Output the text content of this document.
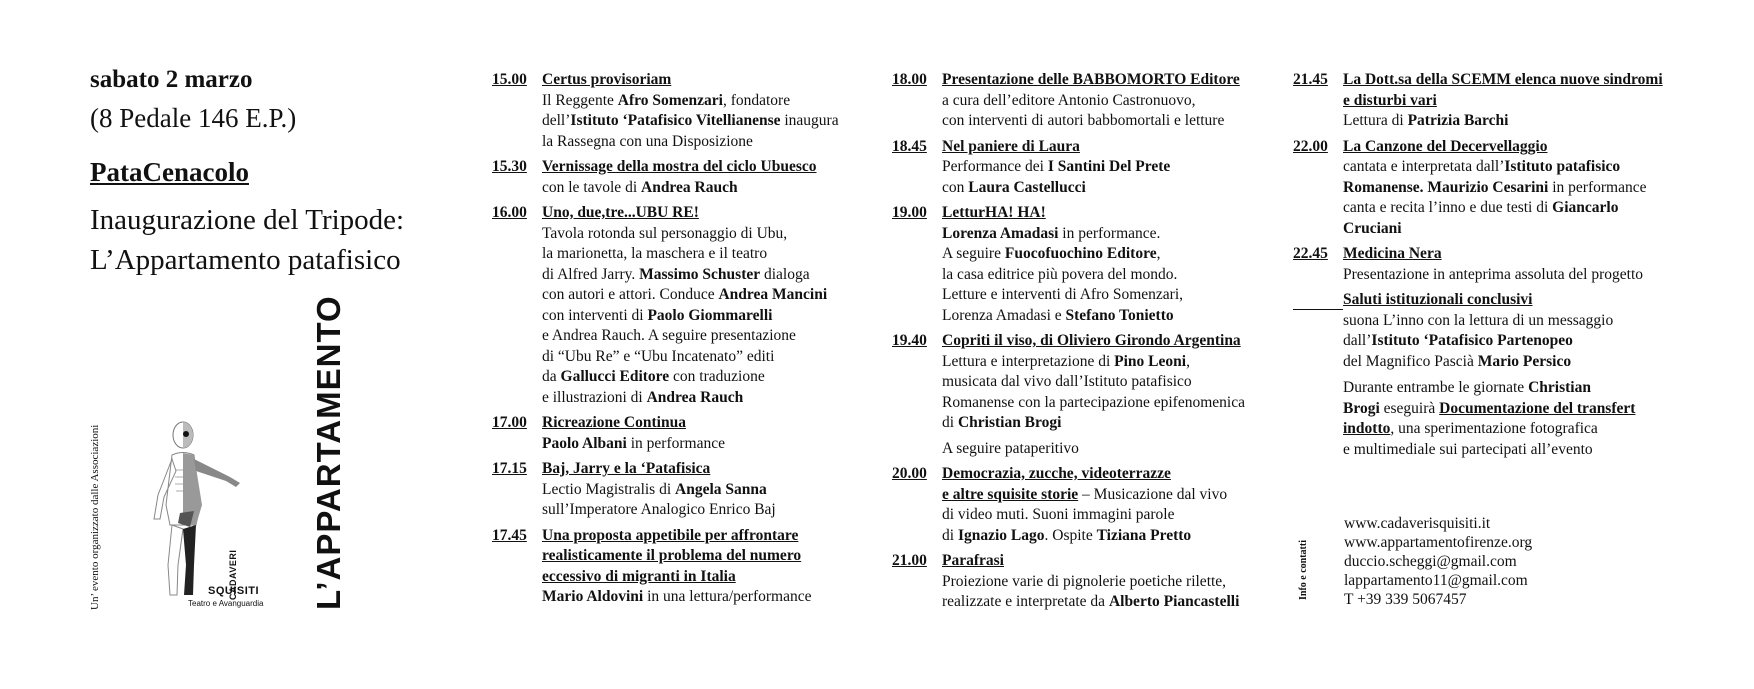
sabato 2 marzo
(8 Pedale 146 E.P.)
PataCenacolo
Inaugurazione del Tripode:
L’Appartamento patafisico
Un’ evento organizzato dalle Associazioni	CADAVERI
SQUISITI
Teatro e Avanguardia L’APPARTAMENTO
15.00 Certus provisoriam
Il Reggente Afro Somenzari, fondatore
dell’Istituto ‘Patafisico Vitellianense inaugura
la Rassegna con una Disposizione
15.30 Vernissage della mostra del ciclo Ubuesco
con le tavole di Andrea Rauch
16.00 Uno, due,tre...UBU RE!
Tavola rotonda sul personaggio di Ubu,
la marionetta, la maschera e il teatro
di Alfred Jarry. Massimo Schuster dialoga
con autori e attori. Conduce Andrea Mancini
con interventi di Paolo Giommarelli
e Andrea Rauch. A seguire presentazione
di “Ubu Re” e “Ubu Incatenato” editi
da Gallucci Editore con traduzione
e illustrazioni di Andrea Rauch
17.00 Ricreazione Continua
Paolo Albani in performance
17.15 Baj, Jarry e la ‘Patafisica
Lectio Magistralis di Angela Sanna
sull’Imperatore Analogico Enrico Baj
17.45 Una proposta appetibile per affrontare
realisticamente il problema del numero
eccessivo di migranti in Italia
Mario Aldovini in una lettura/performance
18.00 Presentazione delle BABBOMORTO Editore
a cura dell’editore Antonio Castronuovo,
con interventi di autori babbomortali e letture
18.45 Nel paniere di Laura
Performance dei I Santini Del Prete
con Laura Castellucci
19.00 LetturHA! HA!
Lorenza Amadasi in performance.
A seguire Fuocofuochino Editore,
la casa editrice più povera del mondo.
Letture e interventi di Afro Somenzari,
Lorenza Amadasi e Stefano Tonietto
19.40 Copriti il viso, di Oliviero Girondo Argentina
Lettura e interpretazione di Pino Leoni,
musicata dal vivo dall’Istituto patafisico
Romanense con la partecipazione epifenomenica
di Christian Brogi
A seguire pataperitivo
20.00 Democrazia, zucche, videoterrazze
e altre squisite storie – Musicazione dal vivo
di video muti. Suoni immagini parole
di Ignazio Lago. Ospite Tiziana Pretto
21.00 Parafrasi
Proiezione varie di pignolerie poetiche rilette,
realizzate e interpretate da Alberto Piancastelli
21.45 La Dott.sa della SCEMM elenca nuove sindromi
e disturbi vari
Lettura di Patrizia Barchi
22.00 La Canzone del Decervellaggio
cantata e interpretata dall’Istituto patafisico
Romanense. Maurizio Cesarini in performance
canta e recita l’inno e due testi di Giancarlo
Cruciani
22.45 Medicina Nera
Presentazione in anteprima assoluta del progetto
Saluti istituzionali conclusivi
suona L’inno con la lettura di un messaggio
dall’Istituto ‘Patafisico Partenopeo
del Magnifico Pascià Mario Persico
Durante entrambe le giornate Christian
Brogi eseguirà Documentazione del transfert
indotto, una sperimentazione fotografica
e multimediale sui partecipati all’evento
Info e contatti
www.cadaverisquisiti.it
www.appartamentofirenze.org
duccio.scheggi@gmail.com
lappartamento11@gmail.com
T +39 339 5067457
